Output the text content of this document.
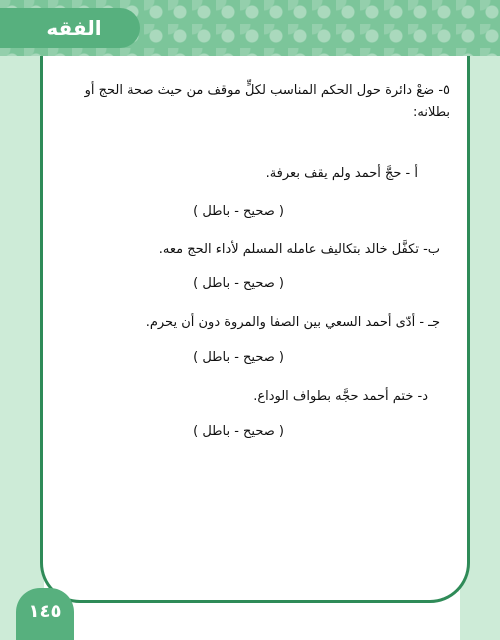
الفقه

٥- ضعْ دائرة حول الحكم المناسب لكلٍّ موقف من حيث صحة الحج أو بطلانه:

أ - حجَّ أحمد ولم يقف بعرفة.
( صحيح - باطل )
ب- تكفَّل خالد بتكاليف عامله المسلم لأداء الحج معه.
( صحيح - باطل )
جـ - أدّى أحمد السعي بين الصفا والمروة دون أن يحرم.
( صحيح - باطل )
د- ختم أحمد حجَّه بطواف الوداع.
( صحيح - باطل )
١٤٥
